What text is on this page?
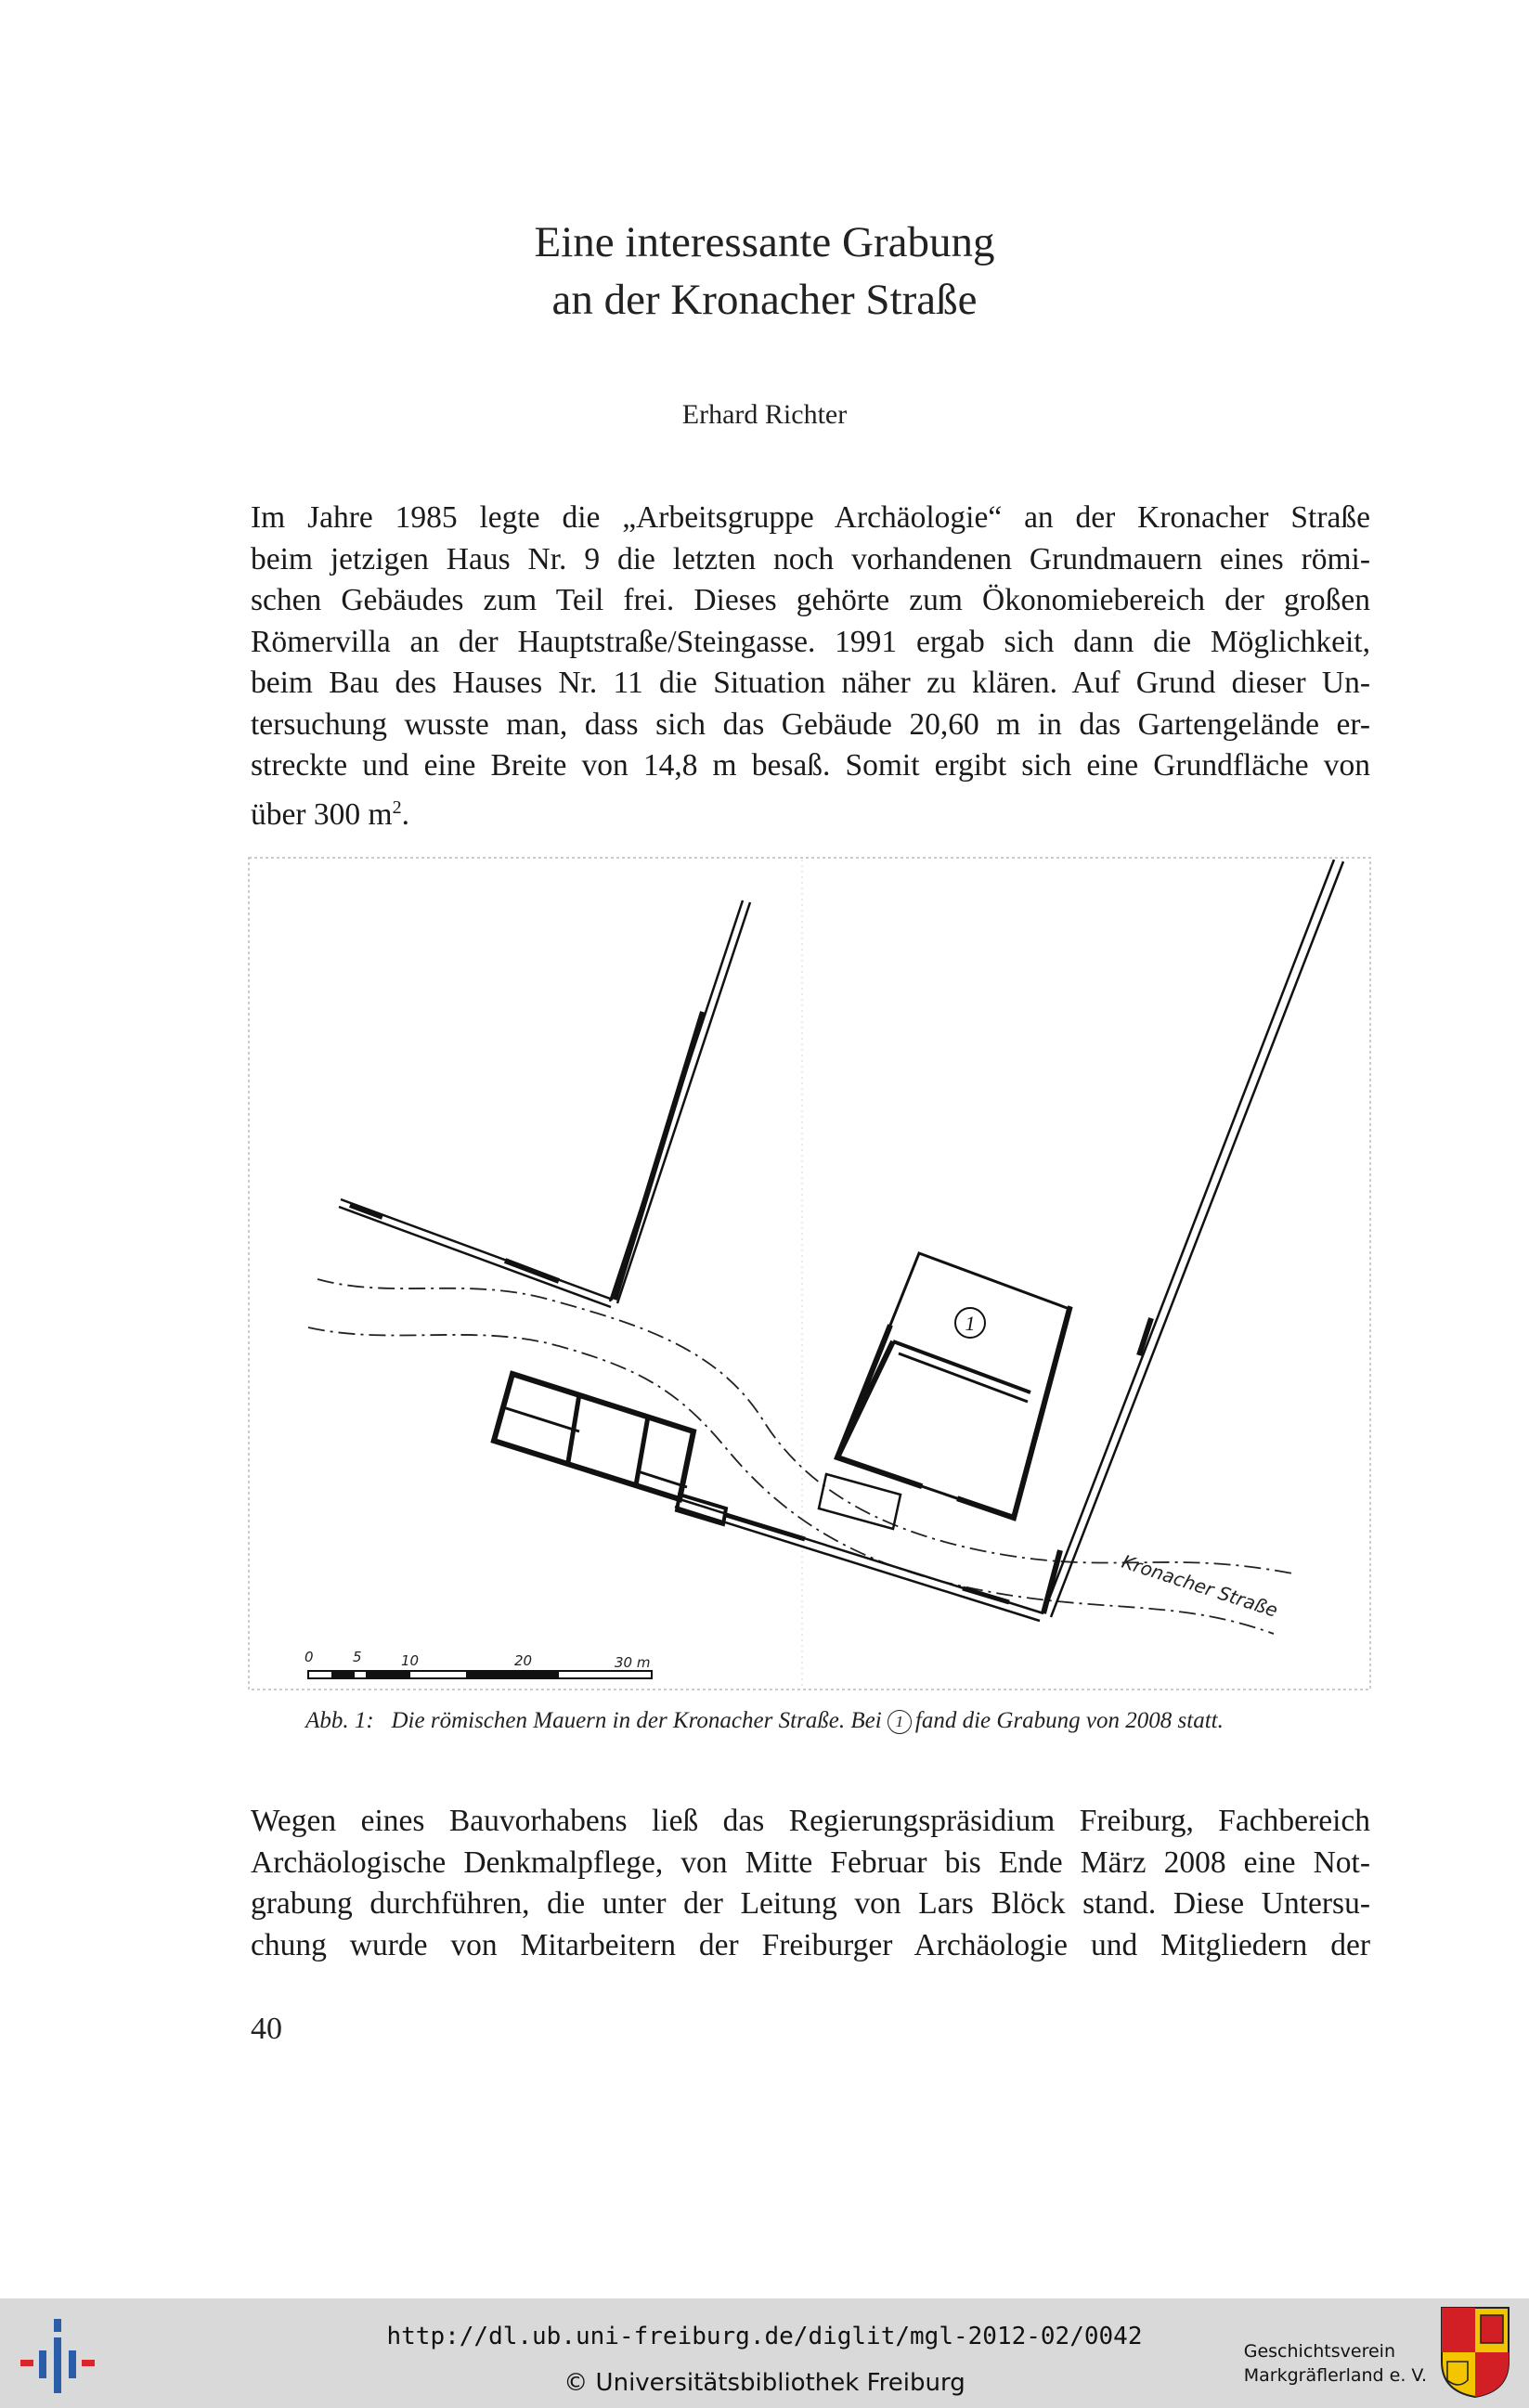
Eine interessante Grabung
an der Kronacher Straße
Erhard Richter
Im Jahre 1985 legte die „Arbeitsgruppe Archäologie“ an der Kronacher Straße
beim jetzigen Haus Nr. 9 die letzten noch vorhandenen Grundmauern eines römi-
schen Gebäudes zum Teil frei. Dieses gehörte zum Ökonomiebereich der großen
Römervilla an der Hauptstraße/Steingasse. 1991 ergab sich dann die Möglichkeit,
beim Bau des Hauses Nr. 11 die Situation näher zu klären. Auf Grund dieser Un-
tersuchung wusste man, dass sich das Gebäude 20,60 m in das Gartengelände er-
streckte und eine Breite von 14,8 m besaß. Somit ergibt sich eine Grundfläche von
über 300 $m^2$.
1
Kronacher Straße
0	5	10	20	30 m
Abb. 1: Die römischen Mauern in der Kronacher Straße. Bei 1 fand die Grabung von 2008 statt.
Wegen eines Bauvorhabens ließ das Regierungspräsidium Freiburg, Fachbereich
Archäologische Denkmalpflege, von Mitte Februar bis Ende März 2008 eine Not-
grabung durchführen, die unter der Leitung von Lars Blöck stand. Diese Untersu-
chung wurde von Mitarbeitern der Freiburger Archäologie und Mitgliedern der
40
http://dl.ub.uni-freiburg.de/diglit/mgl-2012-02/0042
© Universitätsbibliothek Freiburg
Geschichtsverein
Markgräflerland e. V.
